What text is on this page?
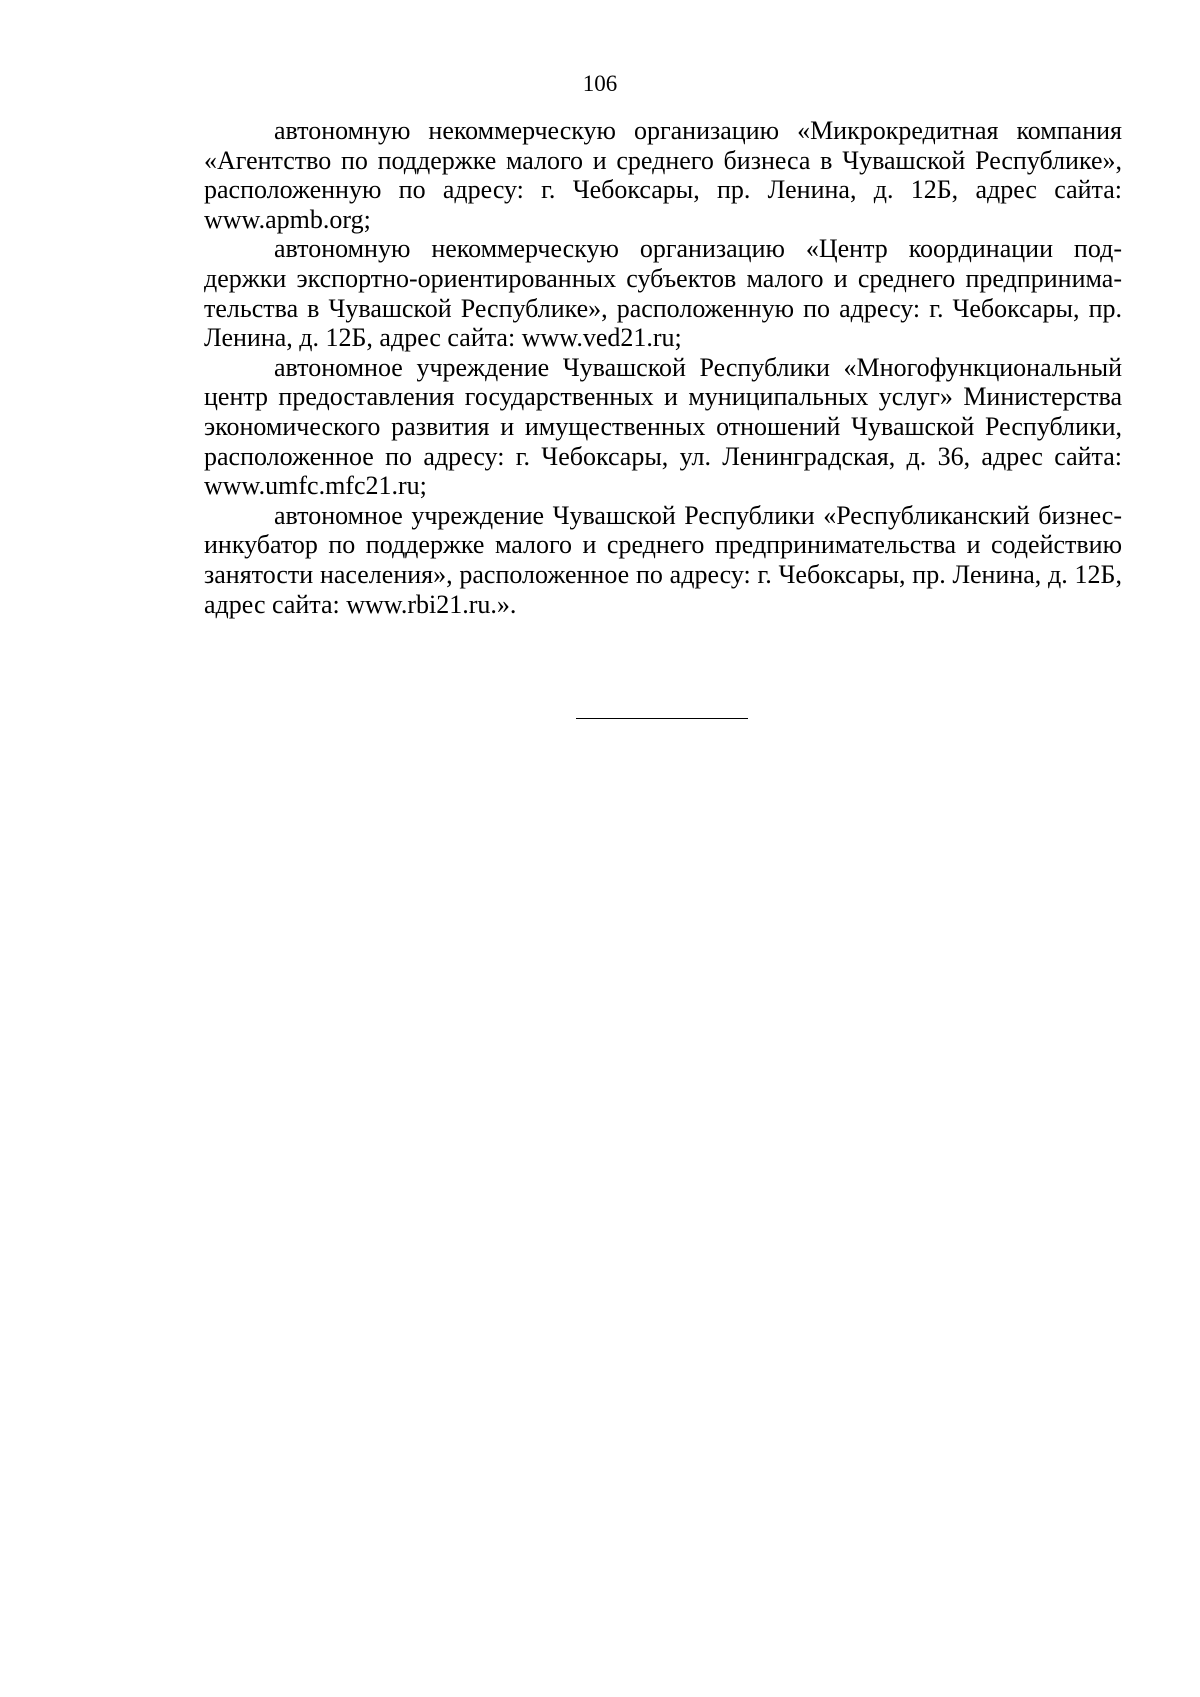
106

автономную некоммерческую организацию «Микрокредитная компания «Агентство по поддержке малого и среднего бизнеса в Чувашской Республике», расположенную по адресу: г. Чебоксары, пр. Ленина, д. 12Б, адрес сайта: www.apmb.org;

автономную некоммерческую организацию «Центр координации поддержки экспортно-ориентированных субъектов малого и среднего предпринимательства в Чувашской Республике», расположенную по адресу: г. Чебоксары, пр. Ленина, д. 12Б, адрес сайта: www.ved21.ru;

автономное учреждение Чувашской Республики «Многофункциональный центр предоставления государственных и муниципальных услуг» Министерства экономического развития и имущественных отношений Чувашской Республики, расположенное по адресу: г. Чебоксары, ул. Ленинградская, д. 36, адрес сайта: www.umfc.mfc21.ru;

автономное учреждение Чувашской Республики «Республиканский бизнес-инкубатор по поддержке малого и среднего предпринимательства и содействию занятости населения», расположенное по адресу: г. Чебоксары, пр. Ленина, д. 12Б, адрес сайта: www.rbi21.ru.».
